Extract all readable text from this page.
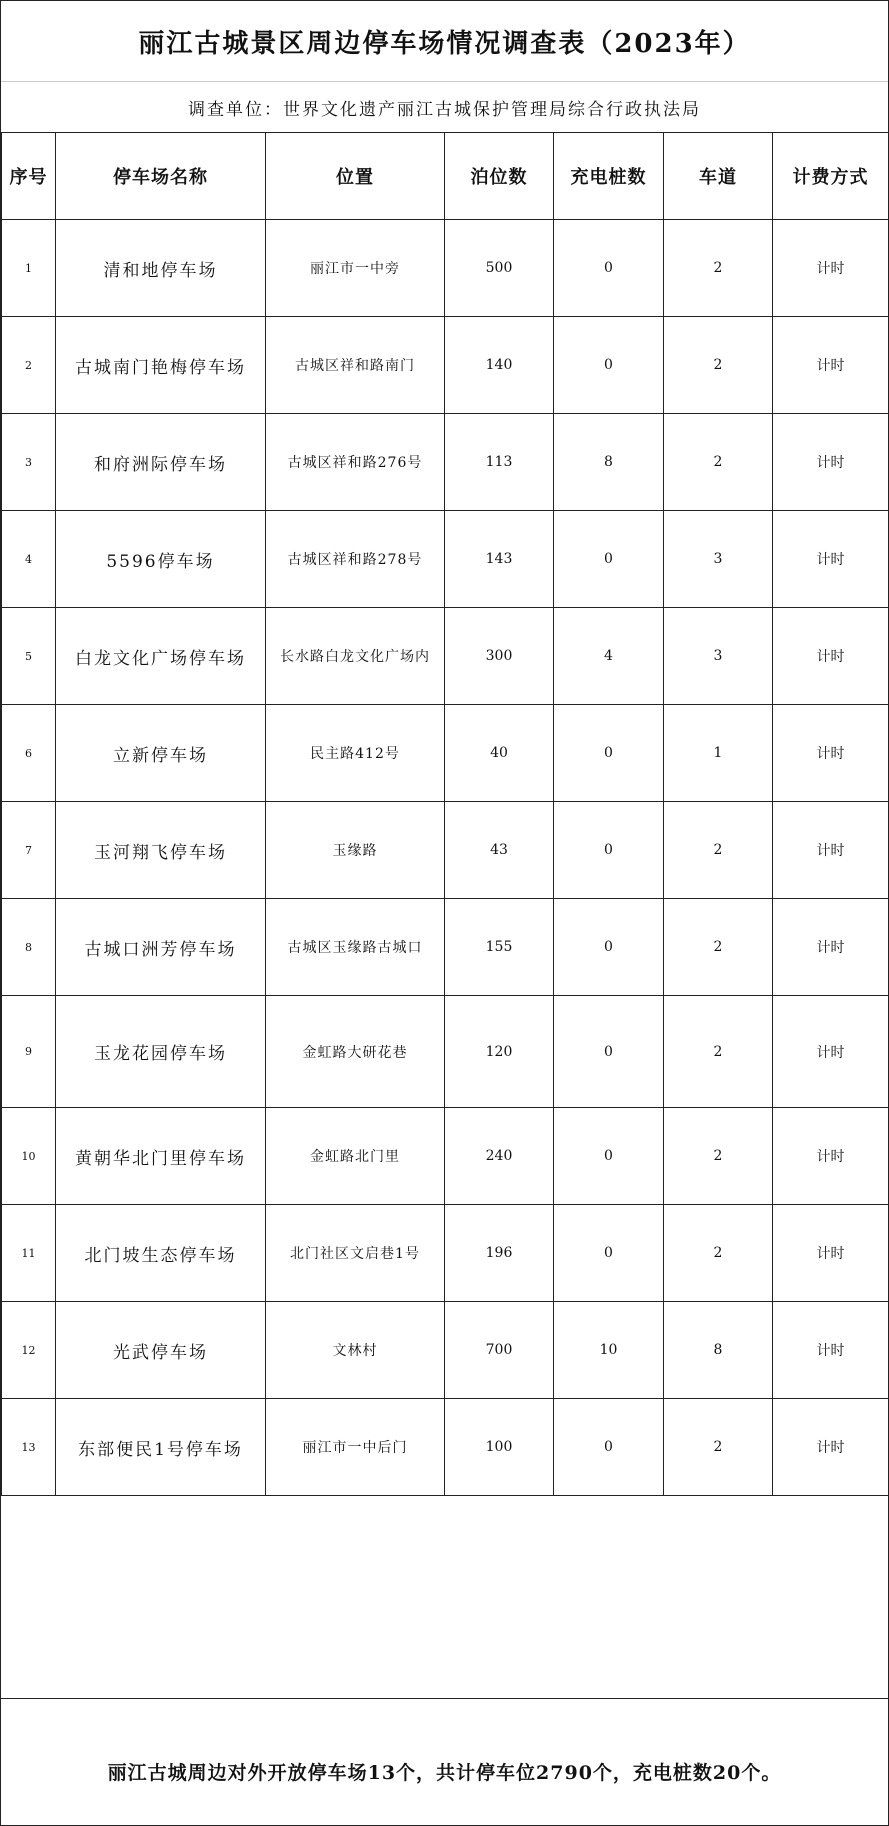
丽江古城景区周边停车场情况调查表（2023年）
调查单位：世界文化遗产丽江古城保护管理局综合行政执法局
序号	停车场名称	位置	泊位数	充电桩数	车道	计费方式
1	清和地停车场	丽江市一中旁	500	0	2	计时
2	古城南门艳梅停车场	古城区祥和路南门	140	0	2	计时
3	和府洲际停车场	古城区祥和路276号	113	8	2	计时
4	5596停车场	古城区祥和路278号	143	0	3	计时
5	白龙文化广场停车场	长水路白龙文化广场内	300	4	3	计时
6	立新停车场	民主路412号	40	0	1	计时
7	玉河翔飞停车场	玉缘路	43	0	2	计时
8	古城口洲芳停车场	古城区玉缘路古城口	155	0	2	计时
9	玉龙花园停车场	金虹路大研花巷	120	0	2	计时
10	黄朝华北门里停车场	金虹路北门里	240	0	2	计时
11	北门坡生态停车场	北门社区文启巷1号	196	0	2	计时
12	光武停车场	文林村	700	10	8	计时
13	东部便民1号停车场	丽江市一中后门	100	0	2	计时
丽江古城周边对外开放停车场13个，共计停车位2790个，充电桩数20个。
